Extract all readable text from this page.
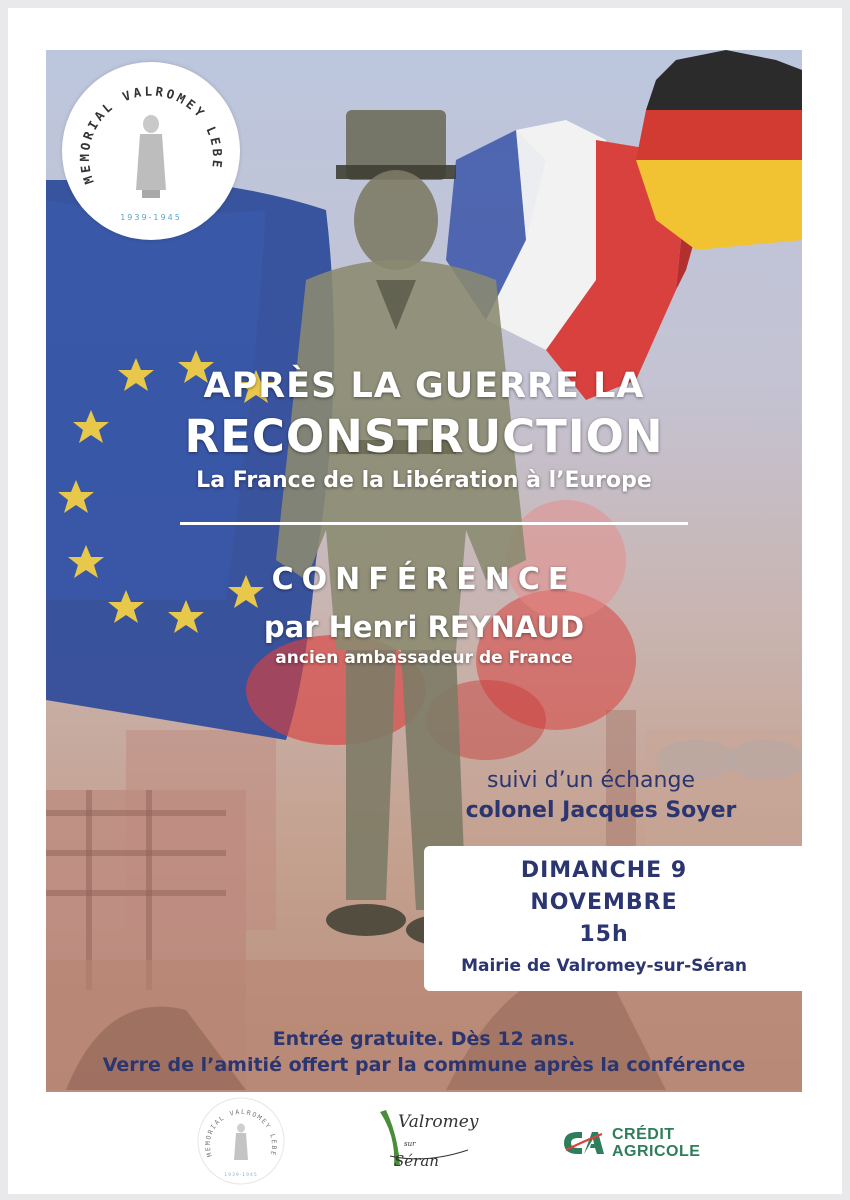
MEMORIAL VALROMEY LEBE
1939-1945
APRÈS LA GUERRE LA
RECONSTRUCTION
La France de la Libération à l’Europe
CONFÉRENCE
par Henri REYNAUD
ancien ambassadeur de France
suivi d’un échange
colonel Jacques Soyer
DIMANCHE 9
NOVEMBRE
15h
Mairie de Valromey-sur-Séran
Entrée gratuite. Dès 12 ans.
Verre de l’amitié offert par la commune après la conférence
MEMORIAL VALROMEY LEBE
1939-1945
Valromey
sur
Séran
CRÉDIT
AGRICOLE
